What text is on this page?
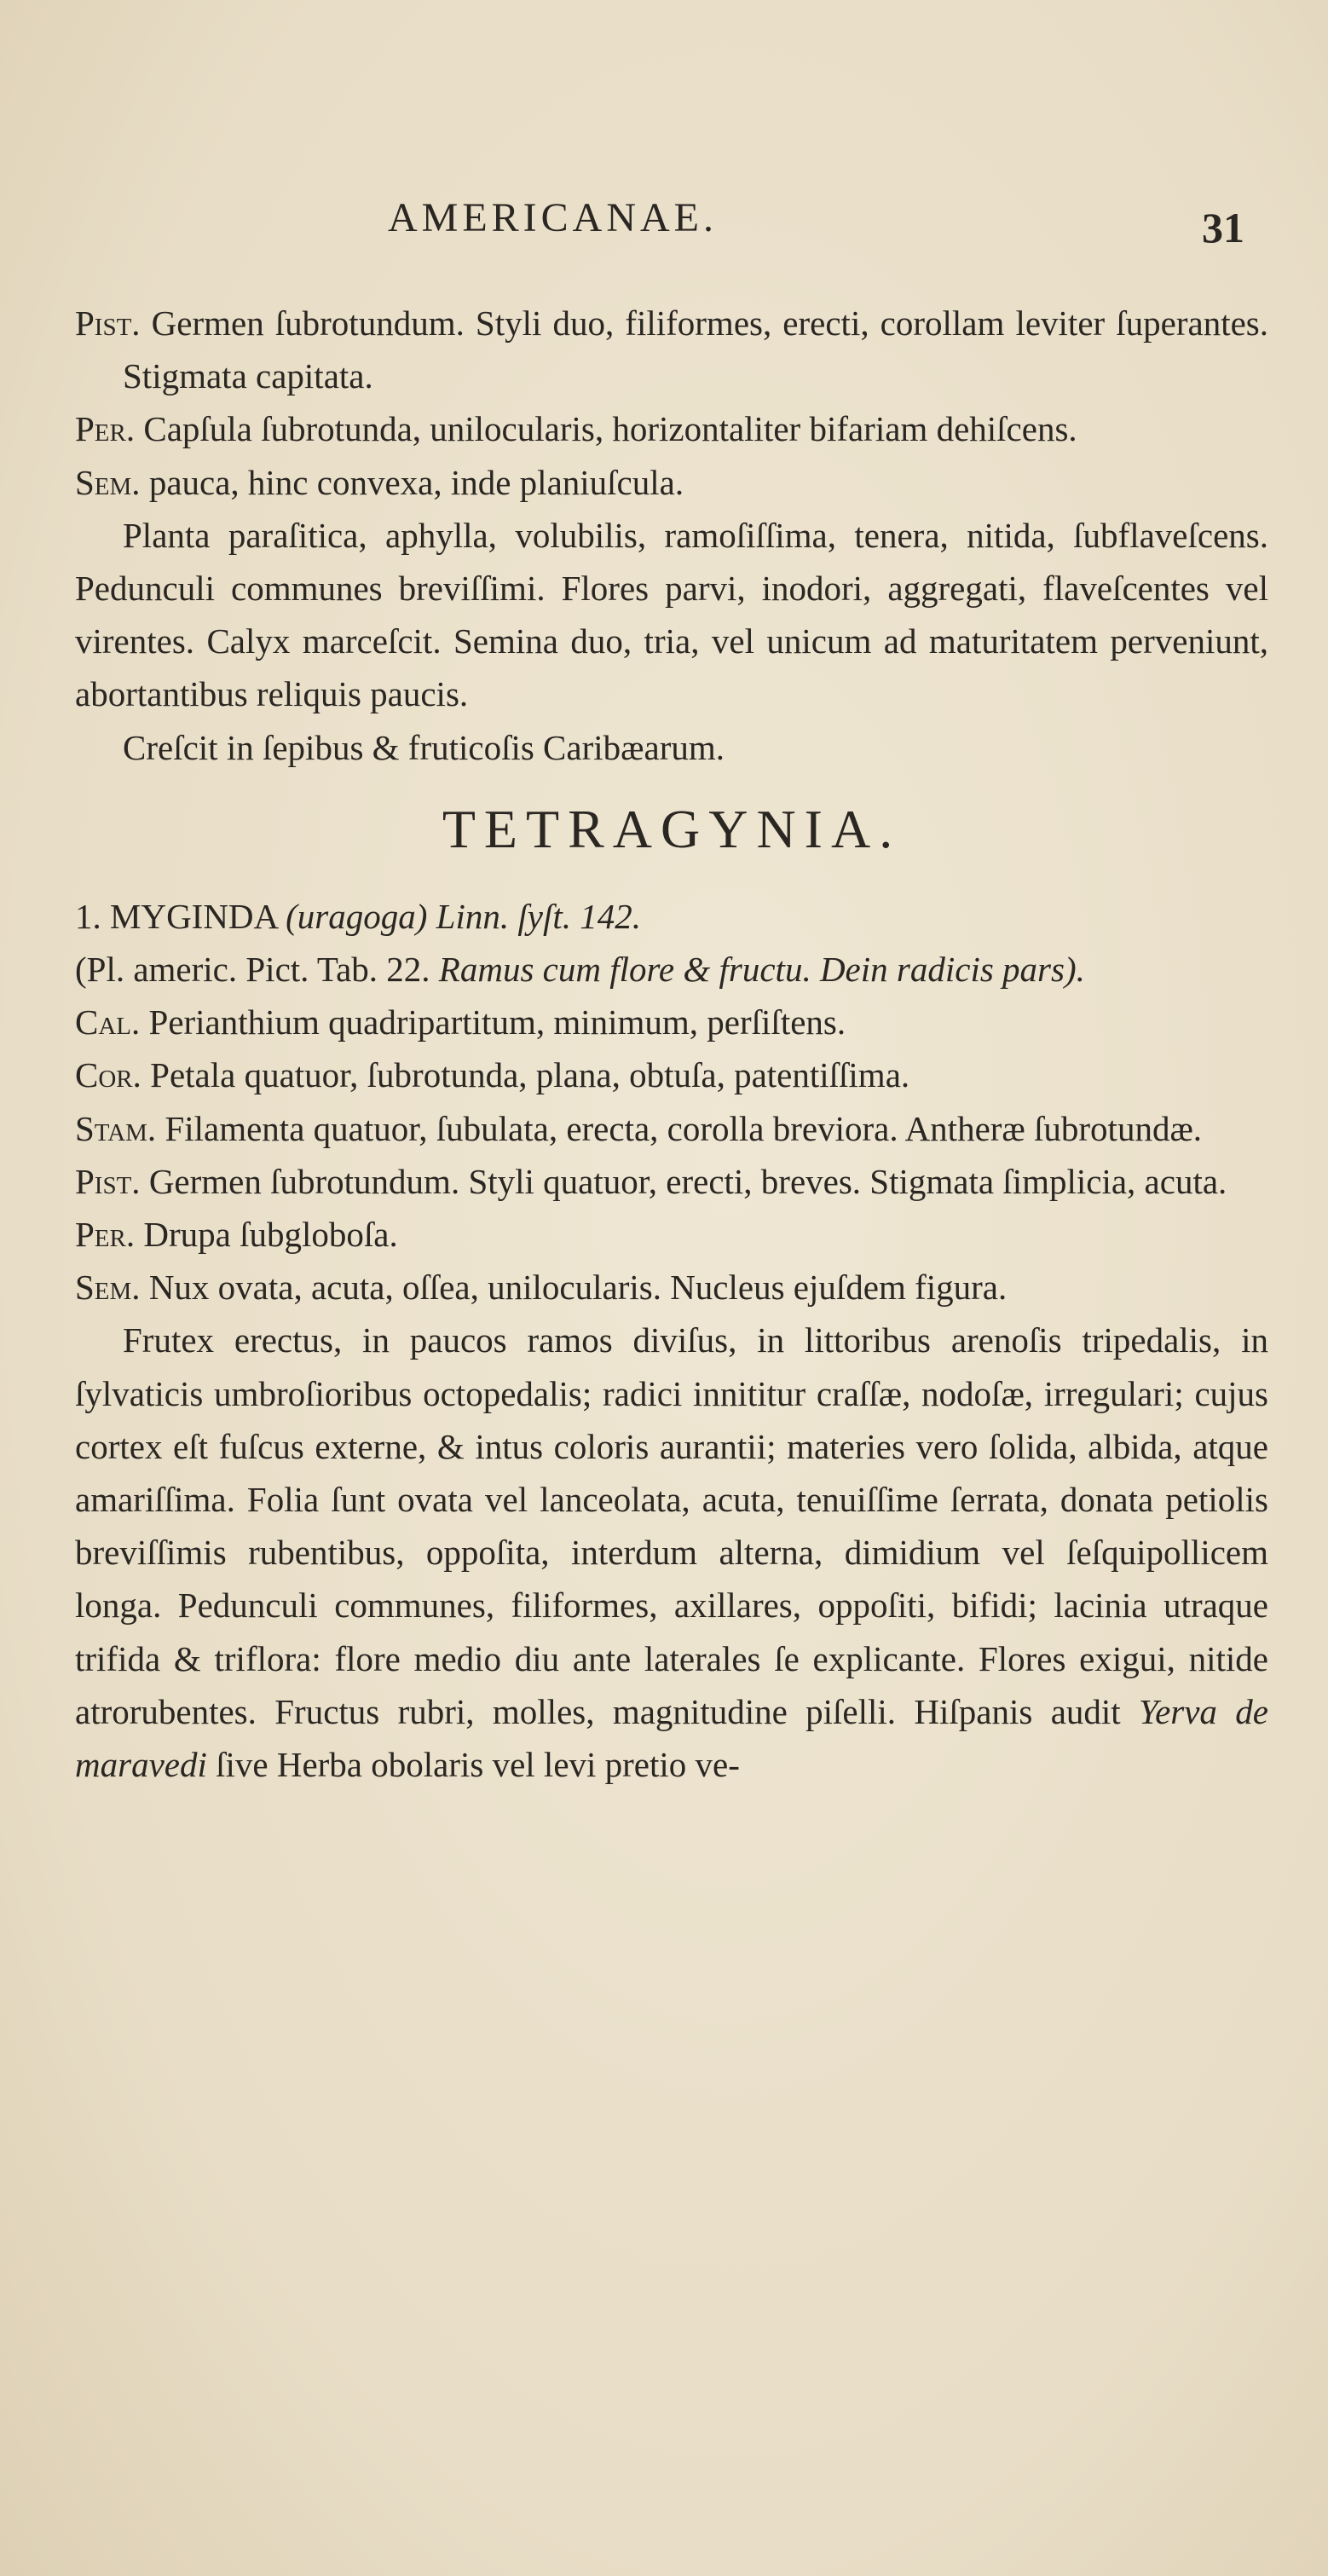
AMERICANAE.	31

Pist. Germen ſubrotundum. Styli duo, filiformes, erecti, corollam leviter ſuperantes. Stigmata capitata.

Per. Capſula ſubrotunda, unilocularis, horizontaliter bifariam dehiſcens.

Sem. pauca, hinc convexa, inde planiuſcula.

Planta paraſitica, aphylla, volubilis, ramoſiſſima, tenera, nitida, ſubflaveſcens. Pedunculi communes breviſſimi. Flores parvi, inodori, aggregati, flaveſcentes vel virentes. Calyx marceſcit. Semina duo, tria, vel unicum ad maturitatem perveniunt, abortantibus reliquis paucis.

Creſcit in ſepibus & fruticoſis Caribæarum.

TETRAGYNIA.

1. MYGINDA (uragoga) Linn. ſyſt. 142.

(Pl. americ. Pict. Tab. 22. Ramus cum flore & fructu. Dein radicis pars).

Cal. Perianthium quadripartitum, minimum, perſiſtens.

Cor. Petala quatuor, ſubrotunda, plana, obtuſa, patentiſſima.

Stam. Filamenta quatuor, ſubulata, erecta, corolla breviora. Antheræ ſubrotundæ.

Pist. Germen ſubrotundum. Styli quatuor, erecti, breves. Stigmata ſimplicia, acuta.

Per. Drupa ſubgloboſa.

Sem. Nux ovata, acuta, oſſea, unilocularis. Nucleus ejuſdem figura.

Frutex erectus, in paucos ramos diviſus, in littoribus arenoſis tripedalis, in ſylvaticis umbroſioribus octopedalis; radici innititur craſſæ, nodoſæ, irregulari; cujus cortex eſt fuſcus externe, & intus coloris aurantii; materies vero ſolida, albida, atque amariſſima. Folia ſunt ovata vel lanceolata, acuta, tenuiſſime ſerrata, donata petiolis breviſſimis rubentibus, oppoſita, interdum alterna, dimidium vel ſeſquipollicem longa. Pedunculi communes, filiformes, axillares, oppoſiti, bifidi; lacinia utraque trifida & triflora: flore medio diu ante laterales ſe explicante. Flores exigui, nitide atrorubentes. Fructus rubri, molles, magnitudine piſelli. Hiſpanis audit Yerva de maravedi ſive Herba obolaris vel levi pretio ve-
